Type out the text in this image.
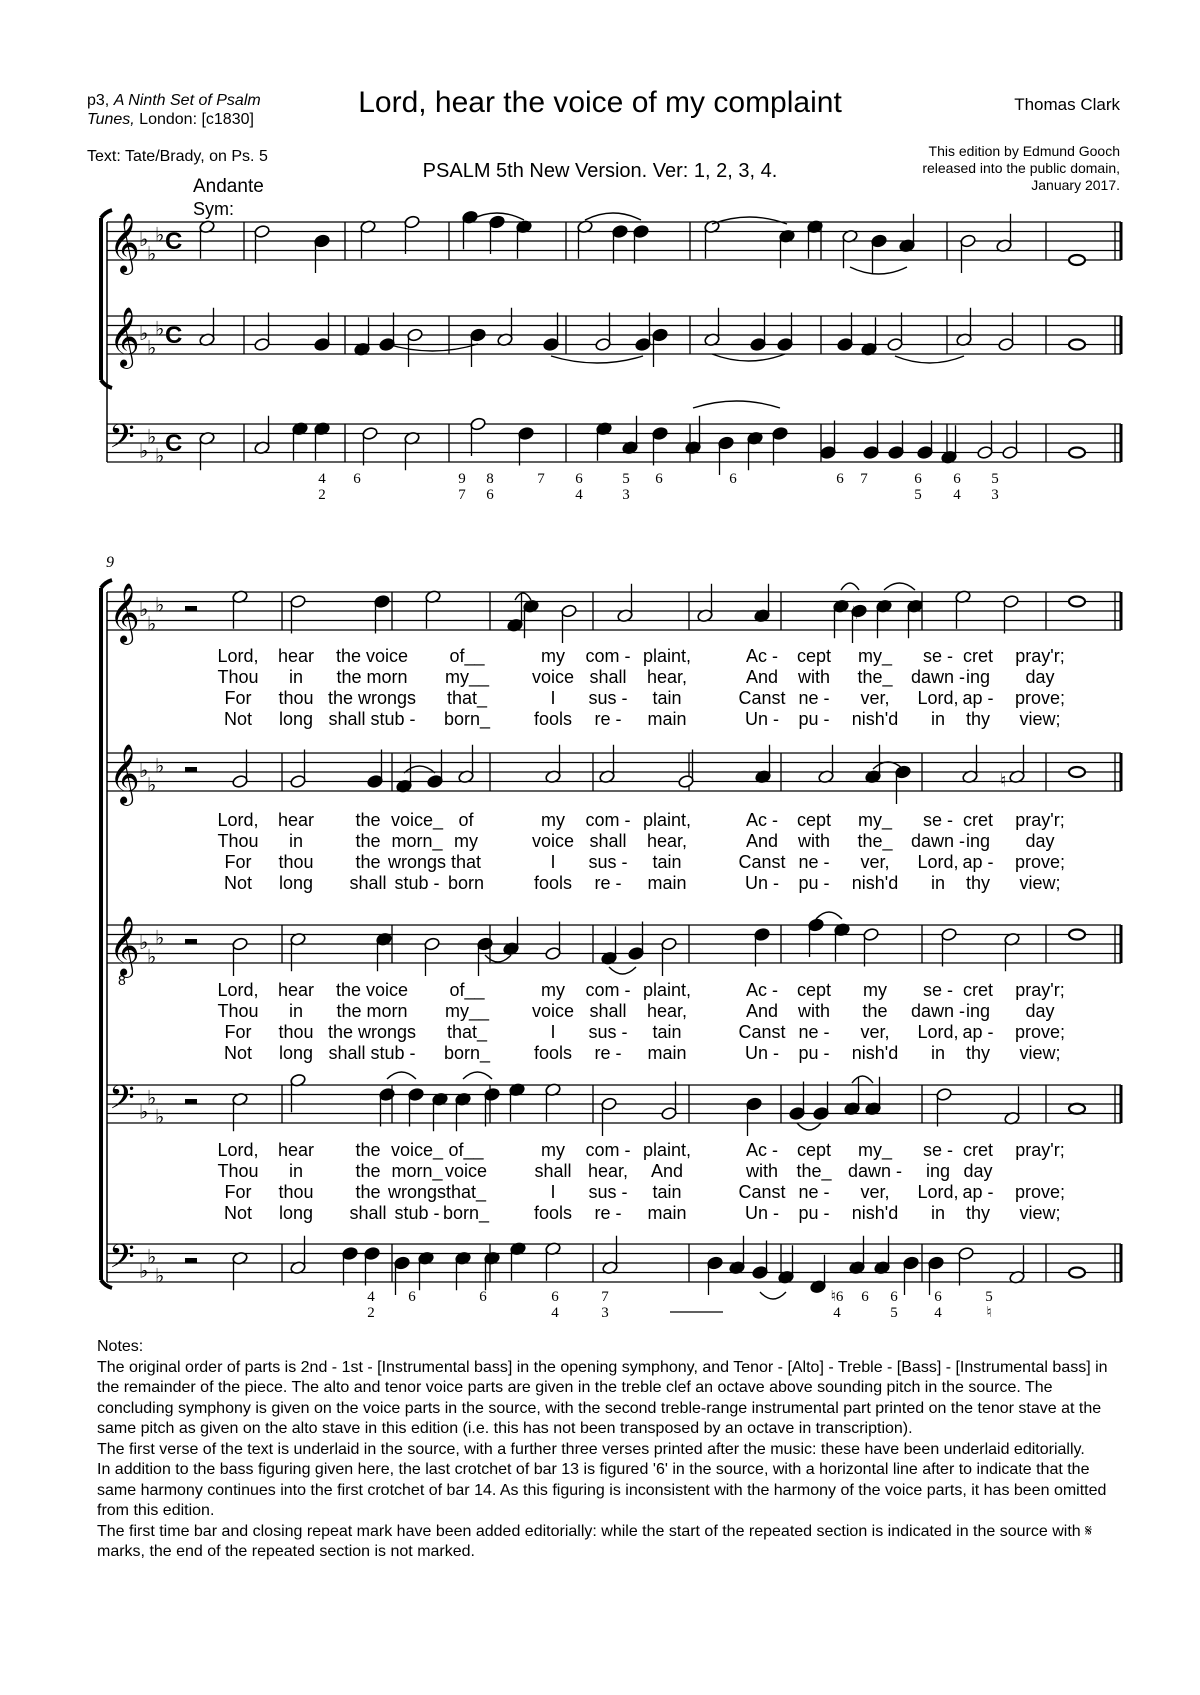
p3, A Ninth Set of Psalm
Tunes, London: [c1830]
Text: Tate/Brady, on Ps. 5
Lord, hear the voice of my complaint	Thomas Clark
PSALM 5th New Version. Ver: 1, 2, 3, 4.
This edition by Edmund Gooch
released into the public domain,
January 2017.
Andante
Sym:
9
𝄞 ♭
♭
♭ C
𝄞 ♭
♭
♭ C
𝄢 ♭
♭
♭ C
𝄞 ♭
♭
♭
𝄞 ♭
♭
♭
𝄞 ♭
♭
♭
𝄢 ♭
♭
♭
𝄢 ♭
♭
♭
8
♮
♮
Lord, hear the voice of__	my com - plaint,	Ac - cept my_ se - cret pray'r;
Thou in the morn my__ voice shall hear,	And with the_ dawn - ing day
For thou the wrongs that_	I sus - tain	Canst ne - ver, Lord, ap - prove;
Not long shall stub - born_ fools re - main	Un - pu - nish'd in thy view;
Lord, hear the voice_ of	my com - plaint,	Ac - cept my_ se - cret pray'r;
Thou in	the morn_ my	voice shall hear,	And with the_ dawn - ing day
For thou the wrongs that	I sus - tain	Canst ne - ver, Lord, ap - prove;
Not long shall stub - born	fools re - main	Un - pu - nish'd in thy view;
Lord, hear the voice of__	my com - plaint,	Ac - cept my se - cret pray'r;
Thou in the morn my__ voice shall hear,	And with the dawn - ing day
For thou the wrongs that_	I sus - tain	Canst ne - ver, Lord, ap - prove;
Not long shall stub - born_ fools re - main	Un - pu - nish'd in thy view;
Lord, hear the voice_ of__	my com - plaint,	Ac - cept my_ se - cret pray'r;
Thou in	the morn_ voice	shall hear, And	with the_ dawn - ing day
For thou the wrongs that_	I sus - tain	Canst ne - ver, Lord, ap - prove;
Not long shall stub - born_ fools re - main	Un - pu - nish'd in thy view;
4
2
6	9
7
8
6
7 6
4
5
3
6	6	6 7	6
5
6
4
5
3
4
2
6	6	6
4
7
3
♮6
4
6 6
5
6
4
5
♮

Notes:

The original order of parts is 2nd - 1st - [Instrumental bass] in the opening symphony, and Tenor - [Alto] - Treble - [Bass] - [Instrumental bass] in the remainder of the piece. The alto and tenor voice parts are given in the treble clef an octave above sounding pitch in the source. The concluding symphony is given on the voice parts in the source, with the second treble-range instrumental part printed on the tenor stave at the same pitch as given on the alto stave in this edition (i.e. this has not been transposed by an octave in transcription).

The first verse of the text is underlaid in the source, with a further three verses printed after the music: these have been underlaid editorially.

In addition to the bass figuring given here, the last crotchet of bar 13 is figured '6' in the source, with a horizontal line after to indicate that the same harmony continues into the first crotchet of bar 14. As this figuring is inconsistent with the harmony of the voice parts, it has been omitted from this edition.

The first time bar and closing repeat mark have been added editorially: while the start of the repeated section is indicated in the source with 𝄋 marks, the end of the repeated section is not marked.
